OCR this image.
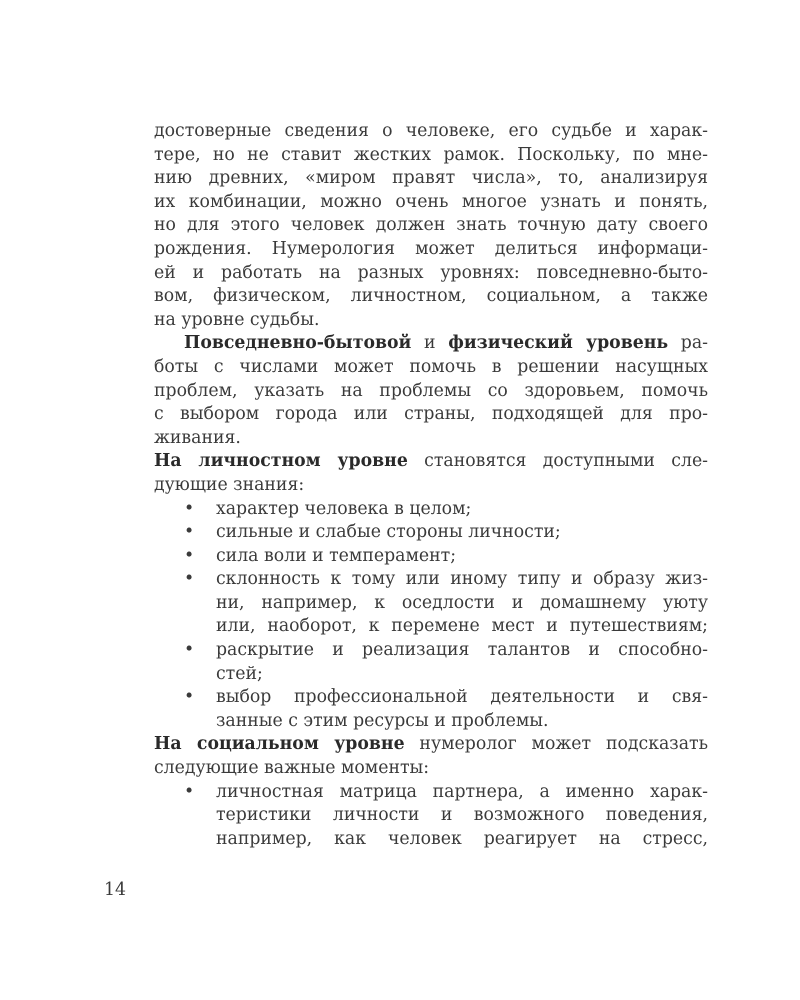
достоверные сведения о человеке, его судьбе и харак-
тере, но не ставит жестких рамок. Поскольку, по мне-
нию древних, «миром правят числа», то, анализируя
их комбинации, можно очень многое узнать и понять,
но для этого человек должен знать точную дату своего
рождения. Нумерология может делиться информаци-
ей и работать на разных уровнях: повседневно-быто-
вом, физическом, личностном, социальном, а также
на уровне судьбы.
Повседневно-бытовой и физический уровень ра-
боты с числами может помочь в решении насущных
проблем, указать на проблемы со здоровьем, помочь
с выбором города или страны, подходящей для про-
живания.
На личностном уровне становятся доступными сле-
дующие знания:
• характер человека в целом;
• сильные и слабые стороны личности;
• сила воли и темперамент;
• склонность к тому или иному типу и образу жиз-
ни, например, к оседлости и домашнему уюту
или, наоборот, к перемене мест и путешествиям;
• раскрытие и реализация талантов и способно-
стей;
• выбор профессиональной деятельности и свя-
занные с этим ресурсы и проблемы.
На социальном уровне нумеролог может подсказать
следующие важные моменты:
• личностная матрица партнера, а именно харак-
теристики личности и возможного поведения,
например, как человек реагирует на стресс,
14
